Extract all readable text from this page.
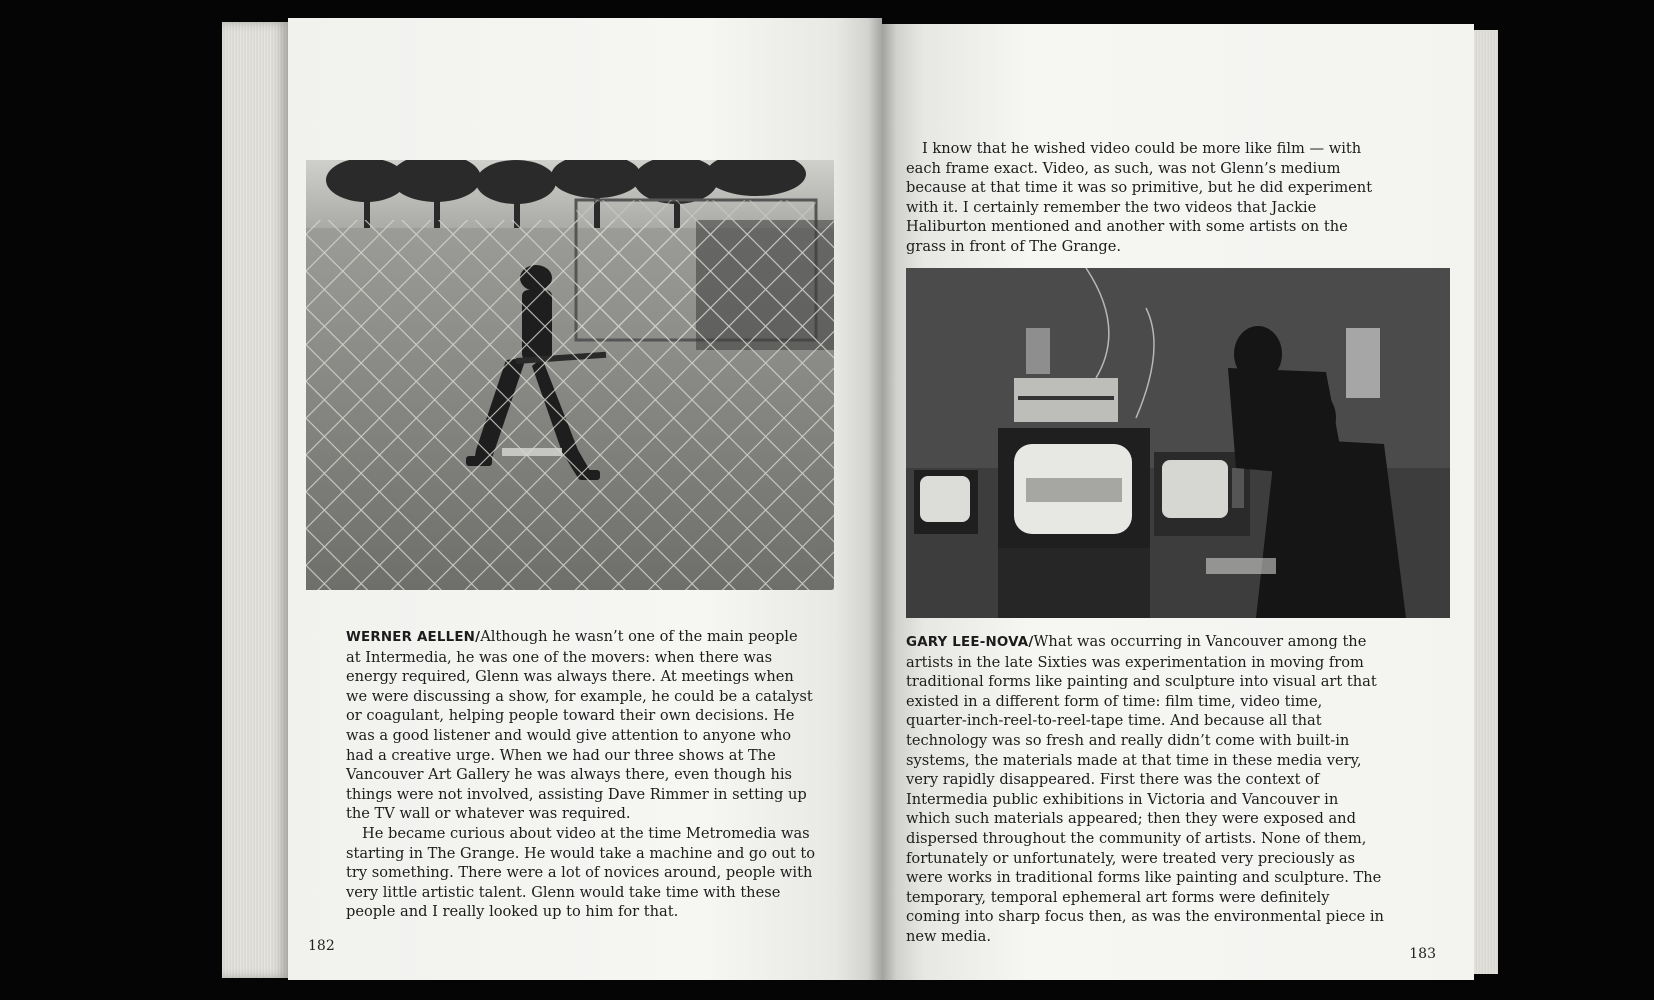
WERNER AELLEN/Although he wasn’t one of the main people at Intermedia, he was one of the movers: when there was energy required, Glenn was always there. At meetings when we were discussing a show, for example, he could be a catalyst or coagulant, helping people toward their own decisions. He was a good listener and would give attention to anyone who had a creative urge. When we had our three shows at The Vancouver Art Gallery he was always there, even though his things were not involved, assisting Dave Rimmer in setting up the TV wall or whatever was required.

He became curious about video at the time Metromedia was starting in The Grange. He would take a machine and go out to try something. There were a lot of novices around, people with very little artistic talent. Glenn would take time with these people and I really looked up to him for that.

182

I know that he wished video could be more like film — with each frame exact. Video, as such, was not Glenn’s medium because at that time it was so primitive, but he did experiment with it. I certainly remember the two videos that Jackie Haliburton mentioned and another with some artists on the grass in front of The Grange.

GARY LEE-NOVA/What was occurring in Vancouver among the artists in the late Sixties was experimentation in moving from traditional forms like painting and sculpture into visual art that existed in a different form of time: film time, video time, quarter-inch-reel-to-reel-tape time. And because all that technology was so fresh and really didn’t come with built-in systems, the materials made at that time in these media very, very rapidly disappeared. First there was the context of Intermedia public exhibitions in Victoria and Vancouver in which such materials appeared; then they were exposed and dispersed throughout the community of artists. None of them, fortunately or unfortunately, were treated very preciously as were works in traditional forms like painting and sculpture. The temporary, temporal ephemeral art forms were definitely coming into sharp focus then, as was the environmental piece in new media.

183
